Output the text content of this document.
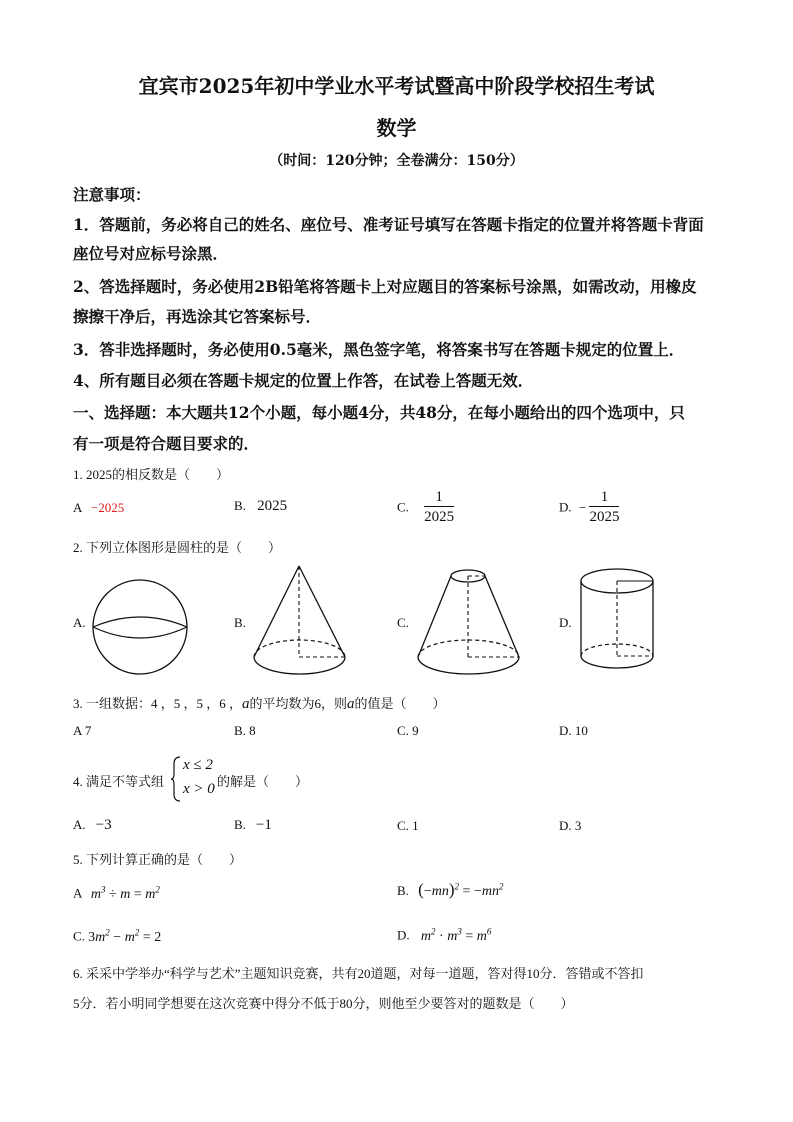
宜宾市2025年初中学业水平考试暨高中阶段学校招生考试
数学
（时间：120分钟；全卷满分：150分）
注意事项：
1．答题前，务必将自己的姓名、座位号、准考证号填写在答题卡指定的位置并将答题卡背面
座位号对应标号涂黑．
2、答选择题时，务必使用2B铅笔将答题卡上对应题目的答案标号涂黑，如需改动，用橡皮
擦擦干净后，再选涂其它答案标号．
3．答非选择题时，务必使用0.5毫米，黑色签字笔，将答案书写在答题卡规定的位置上．
4、所有题目必须在答题卡规定的位置上作答，在试卷上答题无效．
一、选择题：本大题共12个小题，每小题4分，共48分，在每小题给出的四个选项中，只
有一项是符合题目要求的．
1. 2025的相反数是（　　）
A −2025	B. 2025	C. $\frac{1}{2025}$	D. − $\frac{1}{2025}$
2. 下列立体图形是圆柱的是（　　）
A.	B.	C.	D.
3. 一组数据：4 ，5 ，5 ，6 ，a的平均数为6，则a的值是（　　）
A 7	B. 8	C. 9	D. 10
4. 满足不等式组
x ≤ 2
x > 0 的解是（　　）
A. −3	B. −1	C. 1	D. 3
5. 下列计算正确的是（　　）
A $m^3 \div m = m^2$	B. $(-mn)^2 = -mn^2$
C. $3m^2 - m^2 = 2$	D. $m^2 \cdot m^3 = m^6$
6. 采采中学举办“科学与艺术”主题知识竞赛，共有20道题，对每一道题，答对得10分．答错或不答扣
5分．若小明同学想要在这次竞赛中得分不低于80分，则他至少要答对的题数是（　　）
